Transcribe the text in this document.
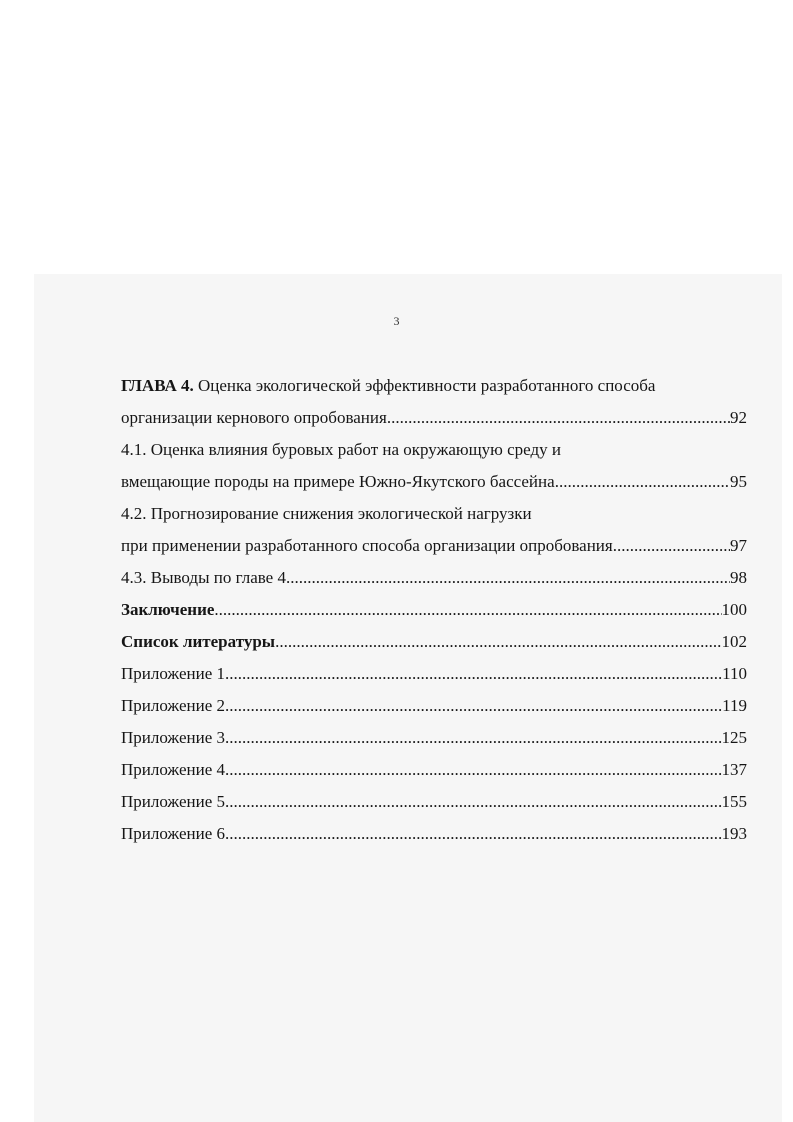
3
ГЛАВА 4. Оценка экологической эффективности разработанного способа
организации кернового опробования .....	92
4.1. Оценка влияния буровых работ на окружающую среду и
вмещающие породы на примере Южно-Якутского бассейна .....	95
4.2. Прогнозирование снижения экологической нагрузки
при применении разработанного способа организации опробования .....	97
4.3. Выводы по главе 4 .....	98
Заключение .....	100
Список литературы .....	102
Приложение 1 .....	110
Приложение 2 .....	119
Приложение 3 .....	125
Приложение 4 .....	137
Приложение 5 .....	155
Приложение 6 .....	193
